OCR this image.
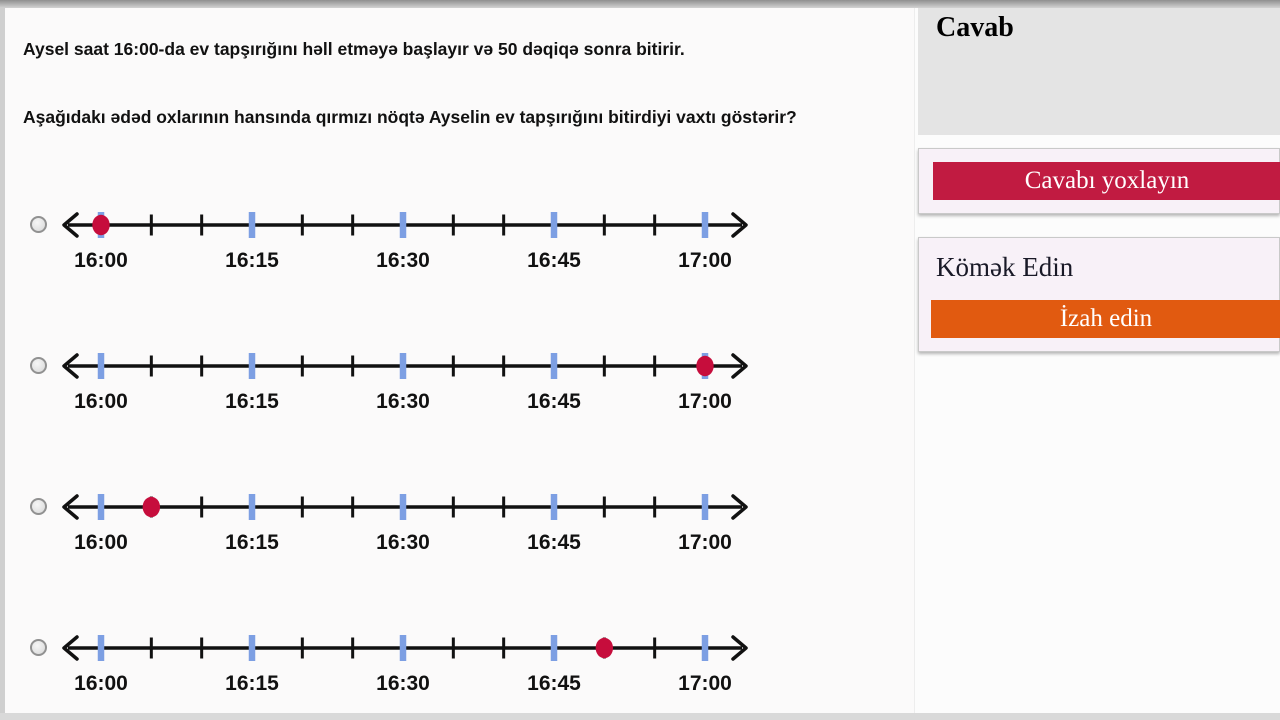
Aysel saat 16:00-da ev tapşırığını həll etməyə başlayır və 50 dəqiqə sonra bitirir.
Aşağıdakı ədəd oxlarının hansında qırmızı nöqtə Ayselin ev tapşırığını bitirdiyi vaxtı göstərir?
16:00	16:15	16:30	16:45	17:00
16:00	16:15	16:30	16:45	17:00
16:00	16:15	16:30	16:45	17:00
16:00	16:15	16:30	16:45	17:00
Cavab
Cavabı yoxlayın
Kömək Edin
İzah edin
